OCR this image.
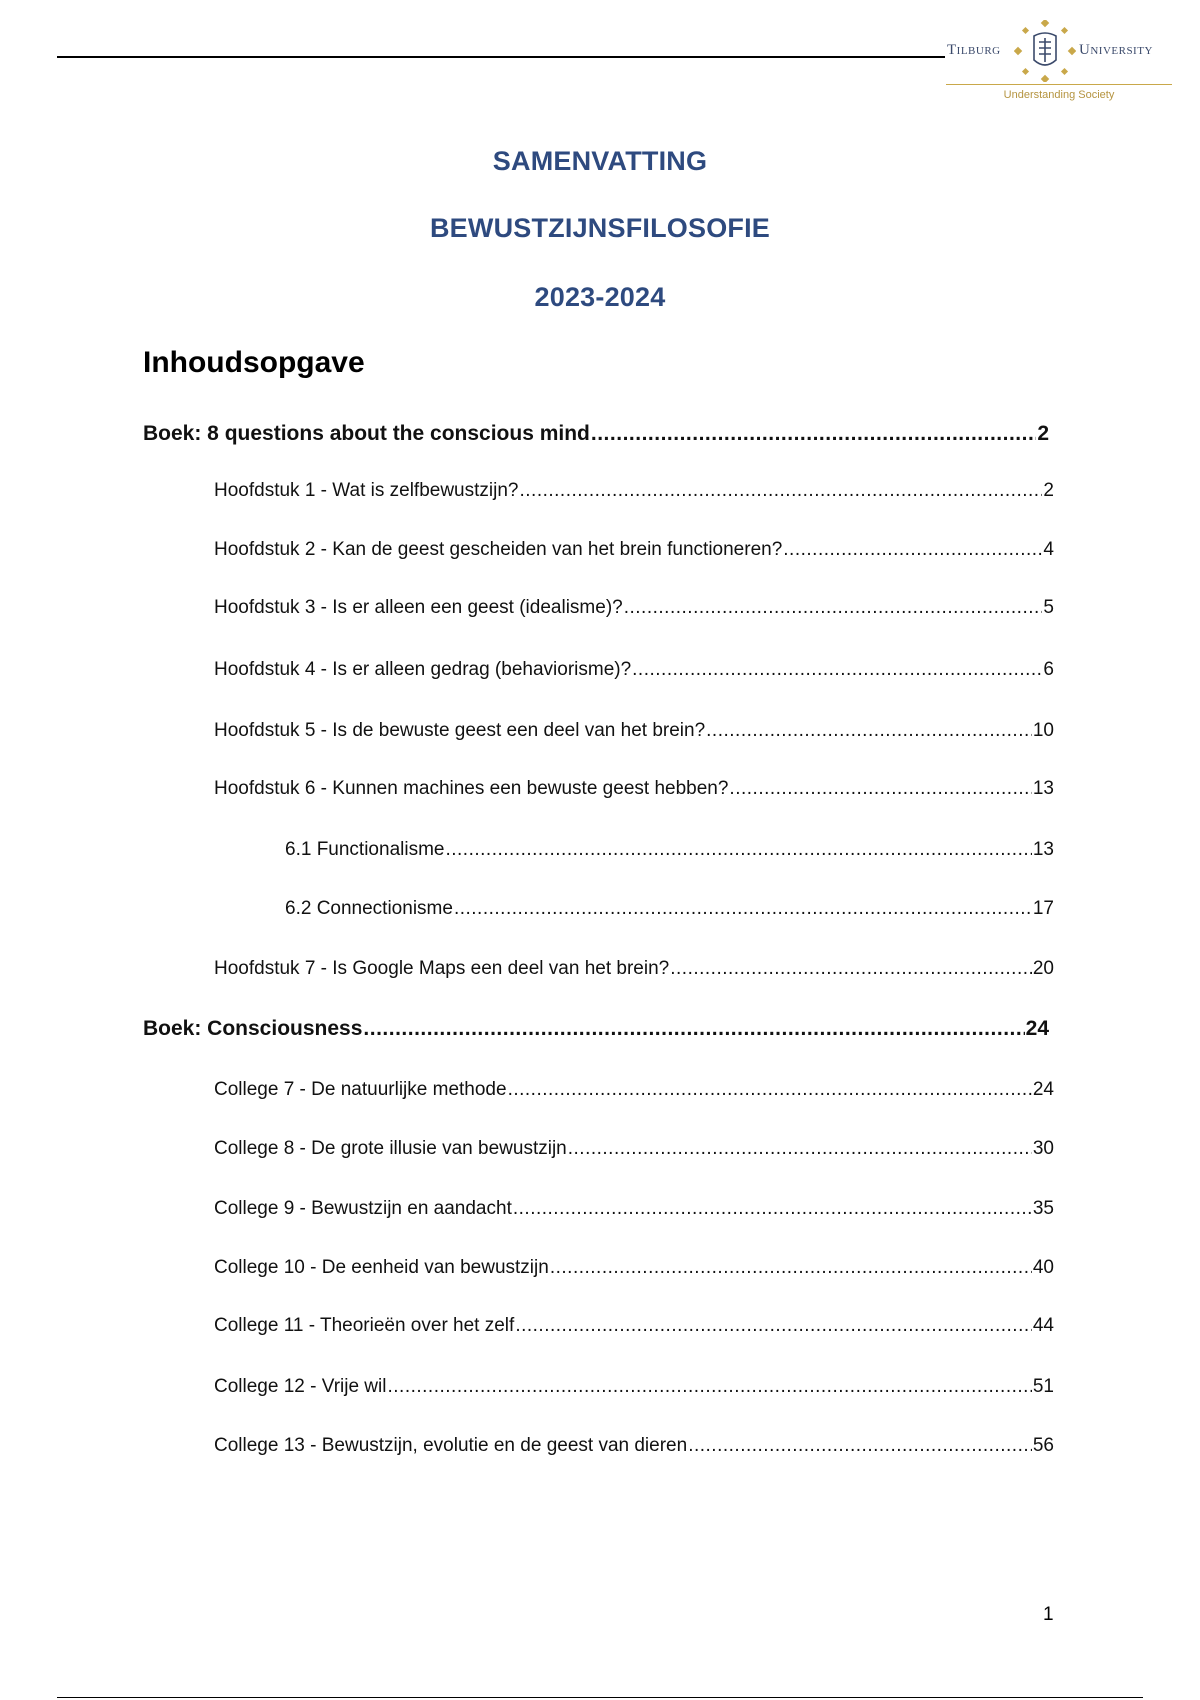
Tilburg	University
Understanding Society
SAMENVATTING
BEWUSTZIJNSFILOSOFIE
2023-2024
Inhoudsopgave
Boek: 8 questions about the conscious mind .....	2
Hoofdstuk 1 - Wat is zelfbewustzijn? .....	2
Hoofdstuk 2 - Kan de geest gescheiden van het brein functioneren? .....	4
Hoofdstuk 3 - Is er alleen een geest (idealisme)? .....	5
Hoofdstuk 4 - Is er alleen gedrag (behaviorisme)? .....	6
Hoofdstuk 5 - Is de bewuste geest een deel van het brein? .....	10
Hoofdstuk 6 - Kunnen machines een bewuste geest hebben? .....	13
6.1 Functionalisme .....	13
6.2 Connectionisme .....	17
Hoofdstuk 7 - Is Google Maps een deel van het brein? .....	20
Boek: Consciousness .....	24
College 7 - De natuurlijke methode .....	24
College 8 - De grote illusie van bewustzijn .....	30
College 9 - Bewustzijn en aandacht .....	35
College 10 - De eenheid van bewustzijn .....	40
College 11 - Theorieën over het zelf .....	44
College 12 - Vrije wil .....	51
College 13 - Bewustzijn, evolutie en de geest van dieren .....	56
1
